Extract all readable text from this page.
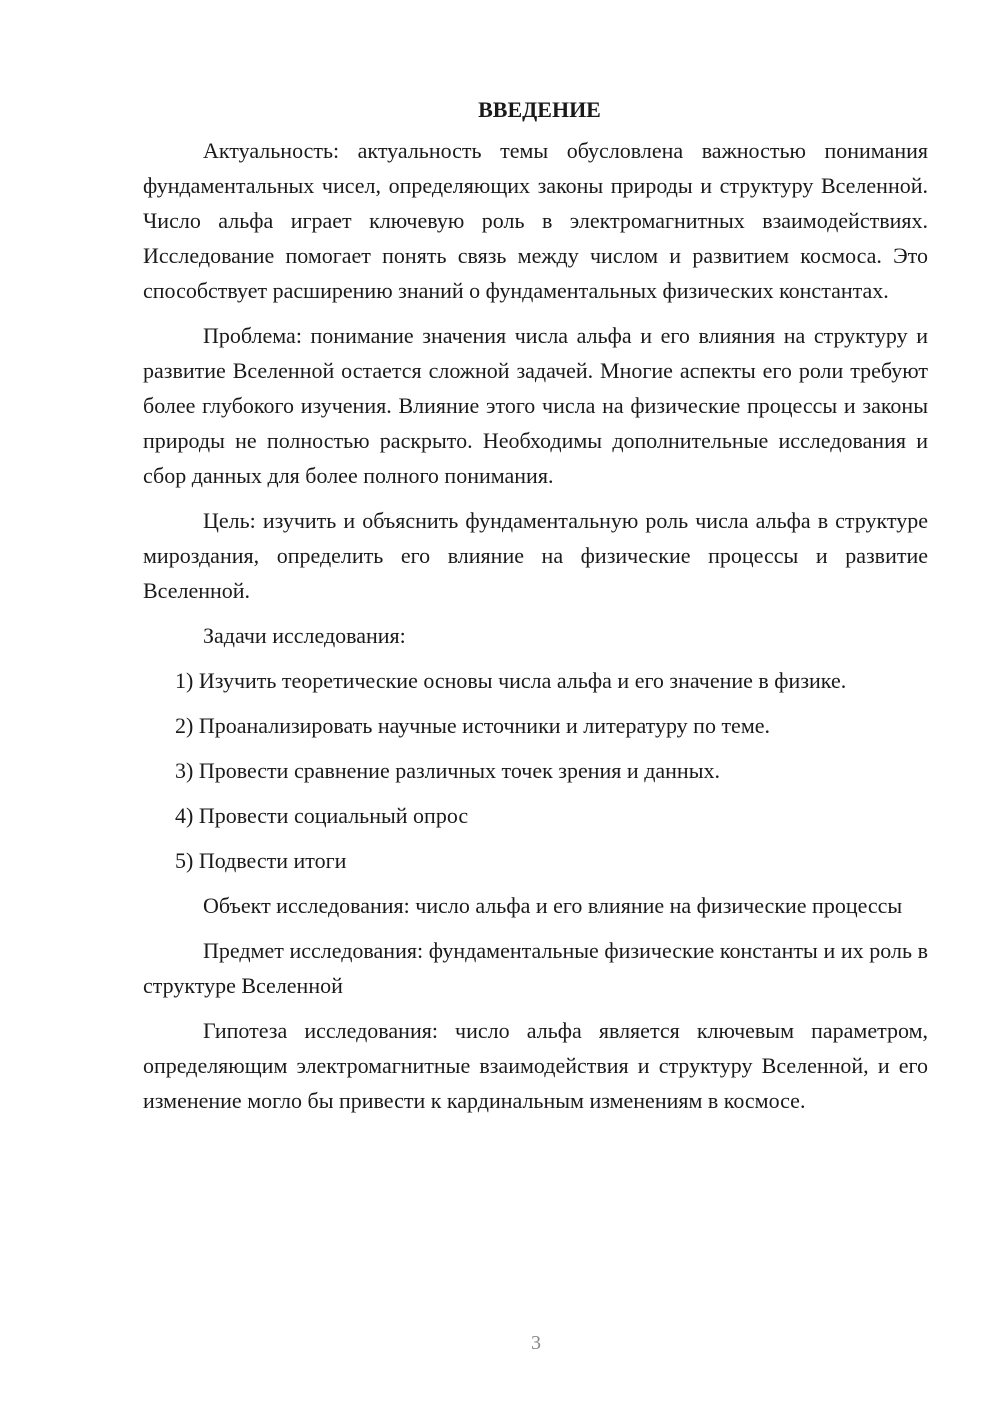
ВВЕДЕНИЕ

Актуальность: актуальность темы обусловлена важностью понимания фундаментальных чисел, определяющих законы природы и структуру Вселенной. Число альфа играет ключевую роль в электромагнитных взаимодействиях. Исследование помогает понять связь между числом и развитием космоса. Это способствует расширению знаний о фундаментальных физических константах.

Проблема: понимание значения числа альфа и его влияния на структуру и развитие Вселенной остается сложной задачей. Многие аспекты его роли требуют более глубокого изучения. Влияние этого числа на физические процессы и законы природы не полностью раскрыто. Необходимы дополнительные исследования и сбор данных для более полного понимания.

Цель: изучить и объяснить фундаментальную роль числа альфа в структуре мироздания, определить его влияние на физические процессы и развитие Вселенной.

Задачи исследования:

1) Изучить теоретические основы числа альфа и его значение в физике.

2) Проанализировать научные источники и литературу по теме.

3) Провести сравнение различных точек зрения и данных.

4) Провести социальный опрос

5) Подвести итоги

Объект исследования: число альфа и его влияние на физические процессы

Предмет исследования: фундаментальные физические константы и их роль в структуре Вселенной

Гипотеза исследования: число альфа является ключевым параметром, определяющим электромагнитные взаимодействия и структуру Вселенной, и его изменение могло бы привести к кардинальным изменениям в космосе.

3
